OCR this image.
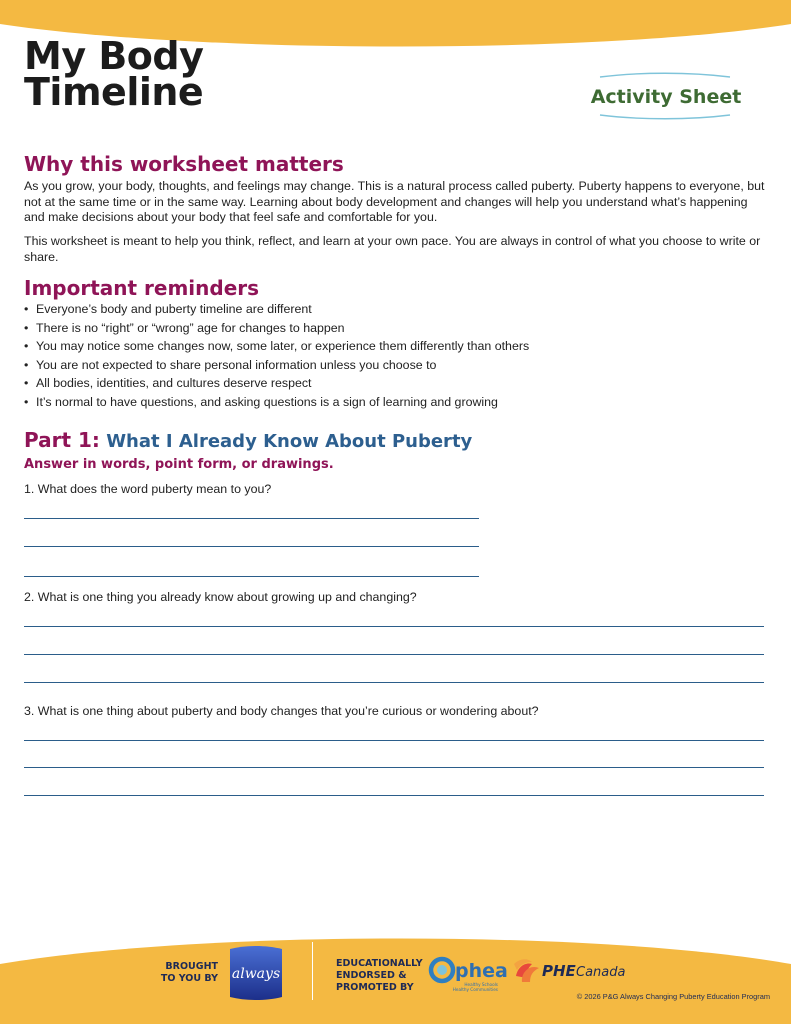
My Body
Timeline	Activity Sheet
Why this worksheet matters

As you grow, your body, thoughts, and feelings may change. This is a natural process called puberty. Puberty happens to everyone, but not at the same time or in the same way. Learning about body development and changes will help you understand what’s happening and make decisions about your body that feel safe and comfortable for you.

This worksheet is meant to help you think, reflect, and learn at your own pace. You are always in control of what you choose to write or share.

Important reminders
• Everyone’s body and puberty timeline are different
• There is no “right” or “wrong” age for changes to happen
• You may notice some changes now, some later, or experience them differently than others
• You are not expected to share personal information unless you choose to
• All bodies, identities, and cultures deserve respect
• It’s normal to have questions, and asking questions is a sign of learning and growing
Part 1: What I Already Know About Puberty

Answer in words, point form, or drawings.

1. What does the word puberty mean to you?

2. What is one thing you already know about growing up and changing?

3. What is one thing about puberty and body changes that you’re curious or wondering about?

BROUGHT
TO YOU BY always
EDUCATIONALLY
ENDORSED &
PROMOTED BY
phea
Healthy Schools
Healthy Communities
PHE Canada
© 2026 P&G Always Changing Puberty Education Program
